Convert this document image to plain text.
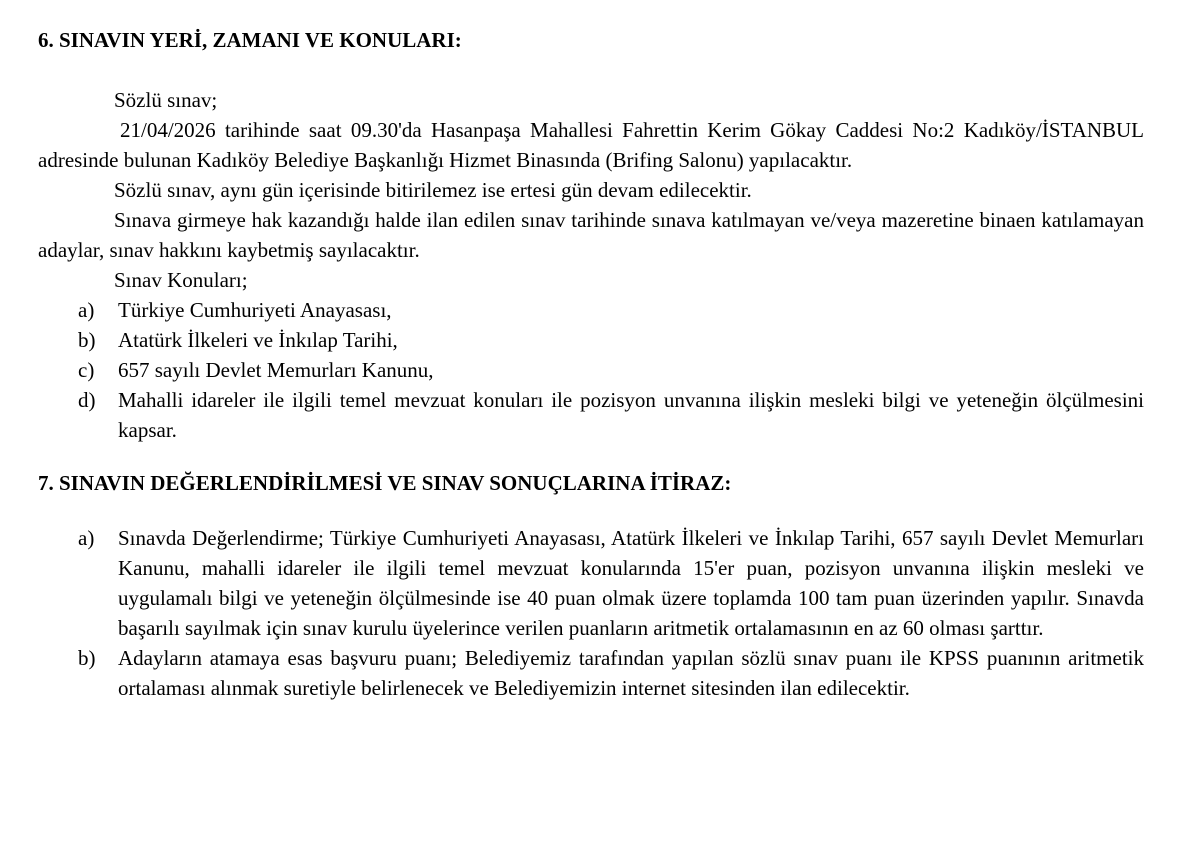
6. SINAVIN YERİ, ZAMANI VE KONULARI:

Sözlü sınav;

21/04/2026 tarihinde saat 09.30'da Hasanpaşa Mahallesi Fahrettin Kerim Gökay Caddesi No:2 Kadıköy/İSTANBUL adresinde bulunan Kadıköy Belediye Başkanlığı Hizmet Binasında (Brifing Salonu) yapılacaktır.

Sözlü sınav, aynı gün içerisinde bitirilemez ise ertesi gün devam edilecektir.

Sınava girmeye hak kazandığı halde ilan edilen sınav tarihinde sınava katılmayan ve/veya mazeretine binaen katılamayan adaylar, sınav hakkını kaybetmiş sayılacaktır.

Sınav Konuları;

a) Türkiye Cumhuriyeti Anayasası,
b) Atatürk İlkeleri ve İnkılap Tarihi,
c) 657 sayılı Devlet Memurları Kanunu,
d) Mahalli idareler ile ilgili temel mevzuat konuları ile pozisyon unvanına ilişkin mesleki bilgi ve yeteneğin ölçülmesini kapsar.
7. SINAVIN DEĞERLENDİRİLMESİ VE SINAV SONUÇLARINA İTİRAZ:
a) Sınavda Değerlendirme; Türkiye Cumhuriyeti Anayasası, Atatürk İlkeleri ve İnkılap Tarihi, 657 sayılı Devlet Memurları Kanunu, mahalli idareler ile ilgili temel mevzuat konularında 15'er puan, pozisyon unvanına ilişkin mesleki ve uygulamalı bilgi ve yeteneğin ölçülmesinde ise 40 puan olmak üzere toplamda 100 tam puan üzerinden yapılır. Sınavda başarılı sayılmak için sınav kurulu üyelerince verilen puanların aritmetik ortalamasının en az 60 olması şarttır.
b) Adayların atamaya esas başvuru puanı; Belediyemiz tarafından yapılan sözlü sınav puanı ile KPSS puanının aritmetik ortalaması alınmak suretiyle belirlenecek ve Belediyemizin internet sitesinden ilan edilecektir.
